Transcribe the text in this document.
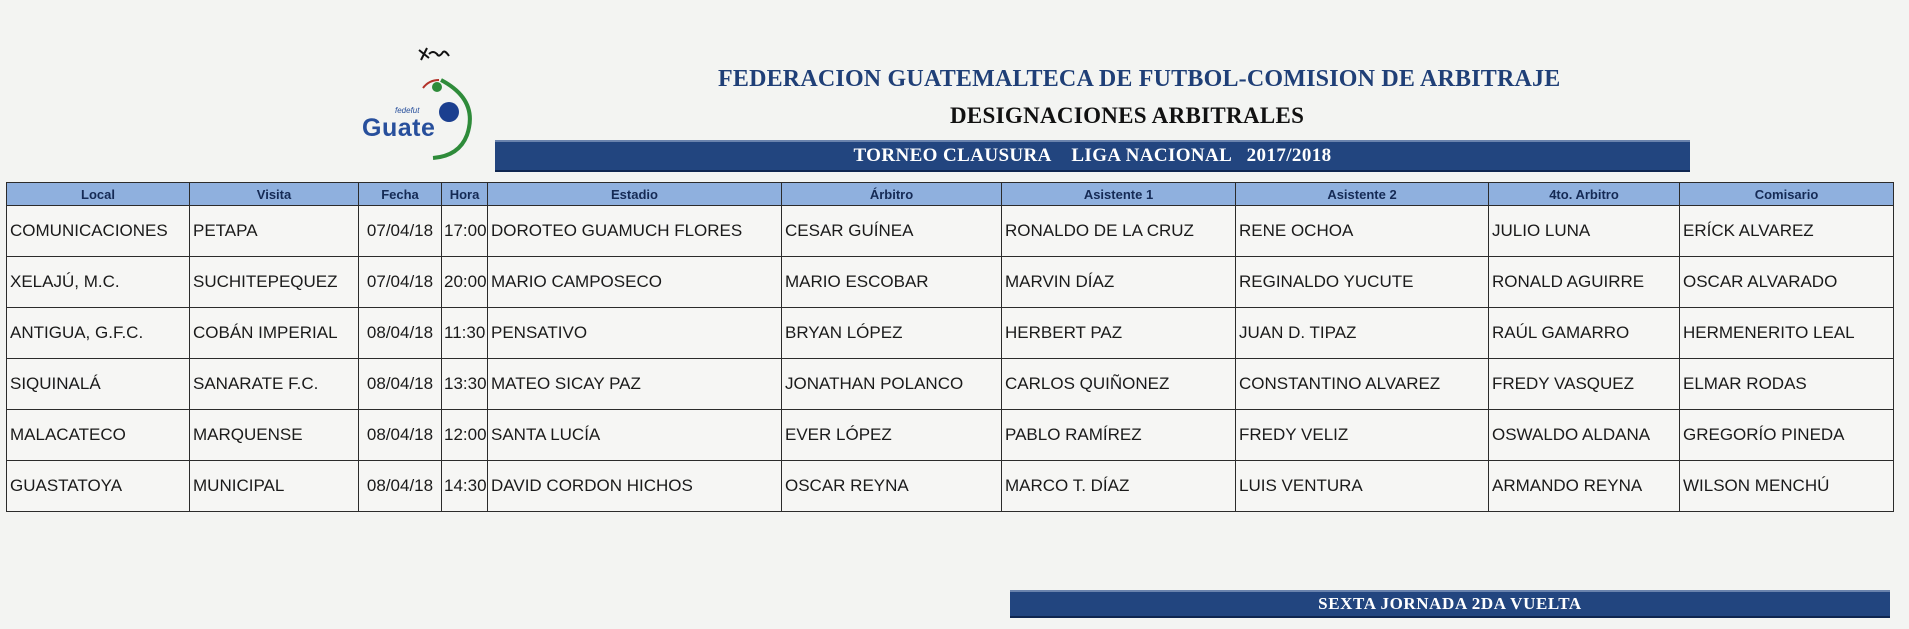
fedefut
Guate
FEDERACION GUATEMALTECA DE FUTBOL-COMISION DE ARBITRAJE
DESIGNACIONES ARBITRALES
TORNEO CLAUSURA    LIGA NACIONAL   2017/2018
Local	Visita	Fecha	Hora	Estadio	Árbitro	Asistente 1	Asistente 2	4to. Arbitro	Comisario
COMUNICACIONES	PETAPA	07/04/18	17:00	DOROTEO GUAMUCH FLORES	CESAR GUÍNEA	RONALDO DE LA CRUZ	RENE OCHOA	JULIO LUNA	ERÍCK ALVAREZ
XELAJÚ, M.C.	SUCHITEPEQUEZ	07/04/18	20:00	MARIO CAMPOSECO	MARIO ESCOBAR	MARVIN DÍAZ	REGINALDO YUCUTE	RONALD AGUIRRE	OSCAR ALVARADO
ANTIGUA, G.F.C.	COBÁN IMPERIAL	08/04/18	11:30	PENSATIVO	BRYAN LÓPEZ	HERBERT PAZ	JUAN D. TIPAZ	RAÚL GAMARRO	HERMENERITO LEAL
SIQUINALÁ	SANARATE F.C.	08/04/18	13:30	MATEO SICAY PAZ	JONATHAN POLANCO	CARLOS QUIÑONEZ	CONSTANTINO ALVAREZ	FREDY VASQUEZ	ELMAR RODAS
MALACATECO	MARQUENSE	08/04/18	12:00	SANTA LUCÍA	EVER LÓPEZ	PABLO RAMÍREZ	FREDY VELIZ	OSWALDO ALDANA	GREGORÍO PINEDA
GUASTATOYA	MUNICIPAL	08/04/18	14:30	DAVID CORDON HICHOS	OSCAR REYNA	MARCO T. DÍAZ	LUIS VENTURA	ARMANDO REYNA	WILSON MENCHÚ
SEXTA JORNADA 2DA VUELTA
